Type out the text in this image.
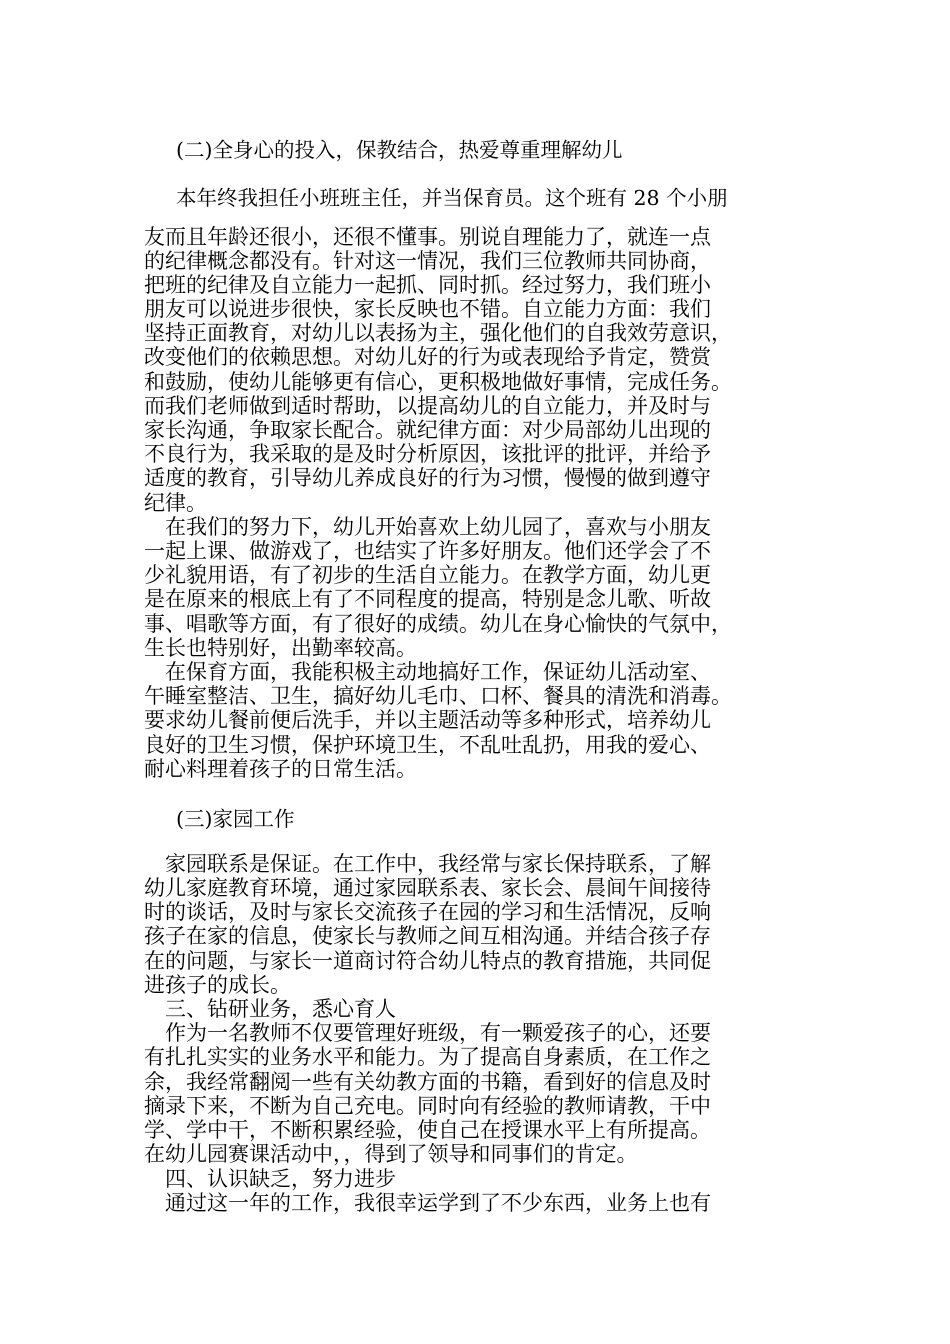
(二)全身心的投入，保教结合，热爱尊重理解幼儿
本年终我担任小班班主任，并当保育员。这个班有 28 个小朋
友而且年龄还很小，还很不懂事。别说自理能力了，就连一点
的纪律概念都没有。针对这一情况，我们三位教师共同协商，
把班的纪律及自立能力一起抓、同时抓。经过努力，我们班小
朋友可以说进步很快，家长反映也不错。自立能力方面：我们
坚持正面教育，对幼儿以表扬为主，强化他们的自我效劳意识，
改变他们的依赖思想。对幼儿好的行为或表现给予肯定，赞赏
和鼓励，使幼儿能够更有信心，更积极地做好事情，完成任务。
而我们老师做到适时帮助，以提高幼儿的自立能力，并及时与
家长沟通，争取家长配合。就纪律方面：对少局部幼儿出现的
不良行为，我采取的是及时分析原因，该批评的批评，并给予
适度的教育，引导幼儿养成良好的行为习惯，慢慢的做到遵守
纪律。
　在我们的努力下，幼儿开始喜欢上幼儿园了，喜欢与小朋友
一起上课、做游戏了，也结实了许多好朋友。他们还学会了不
少礼貌用语，有了初步的生活自立能力。在教学方面，幼儿更
是在原来的根底上有了不同程度的提高，特别是念儿歌、听故
事、唱歌等方面，有了很好的成绩。幼儿在身心愉快的气氛中，
生长也特别好，出勤率较高。
　在保育方面，我能积极主动地搞好工作，保证幼儿活动室、
午睡室整洁、卫生，搞好幼儿毛巾、口杯、餐具的清洗和消毒。
要求幼儿餐前便后洗手，并以主题活动等多种形式，培养幼儿
良好的卫生习惯，保护环境卫生，不乱吐乱扔，用我的爱心、
耐心料理着孩子的日常生活。
(三)家园工作
　家园联系是保证。在工作中，我经常与家长保持联系，了解
幼儿家庭教育环境，通过家园联系表、家长会、晨间午间接待
时的谈话，及时与家长交流孩子在园的学习和生活情况，反响
孩子在家的信息，使家长与教师之间互相沟通。并结合孩子存
在的问题，与家长一道商讨符合幼儿特点的教育措施，共同促
进孩子的成长。
　三、钻研业务，悉心育人
　作为一名教师不仅要管理好班级，有一颗爱孩子的心，还要
有扎扎实实的业务水平和能力。为了提高自身素质，在工作之
余，我经常翻阅一些有关幼教方面的书籍，看到好的信息及时
摘录下来，不断为自己充电。同时向有经验的教师请教，干中
学、学中干，不断积累经验，使自己在授课水平上有所提高。
在幼儿园赛课活动中，，得到了领导和同事们的肯定。
　四、认识缺乏，努力进步
　通过这一年的工作，我很幸运学到了不少东西，业务上也有
